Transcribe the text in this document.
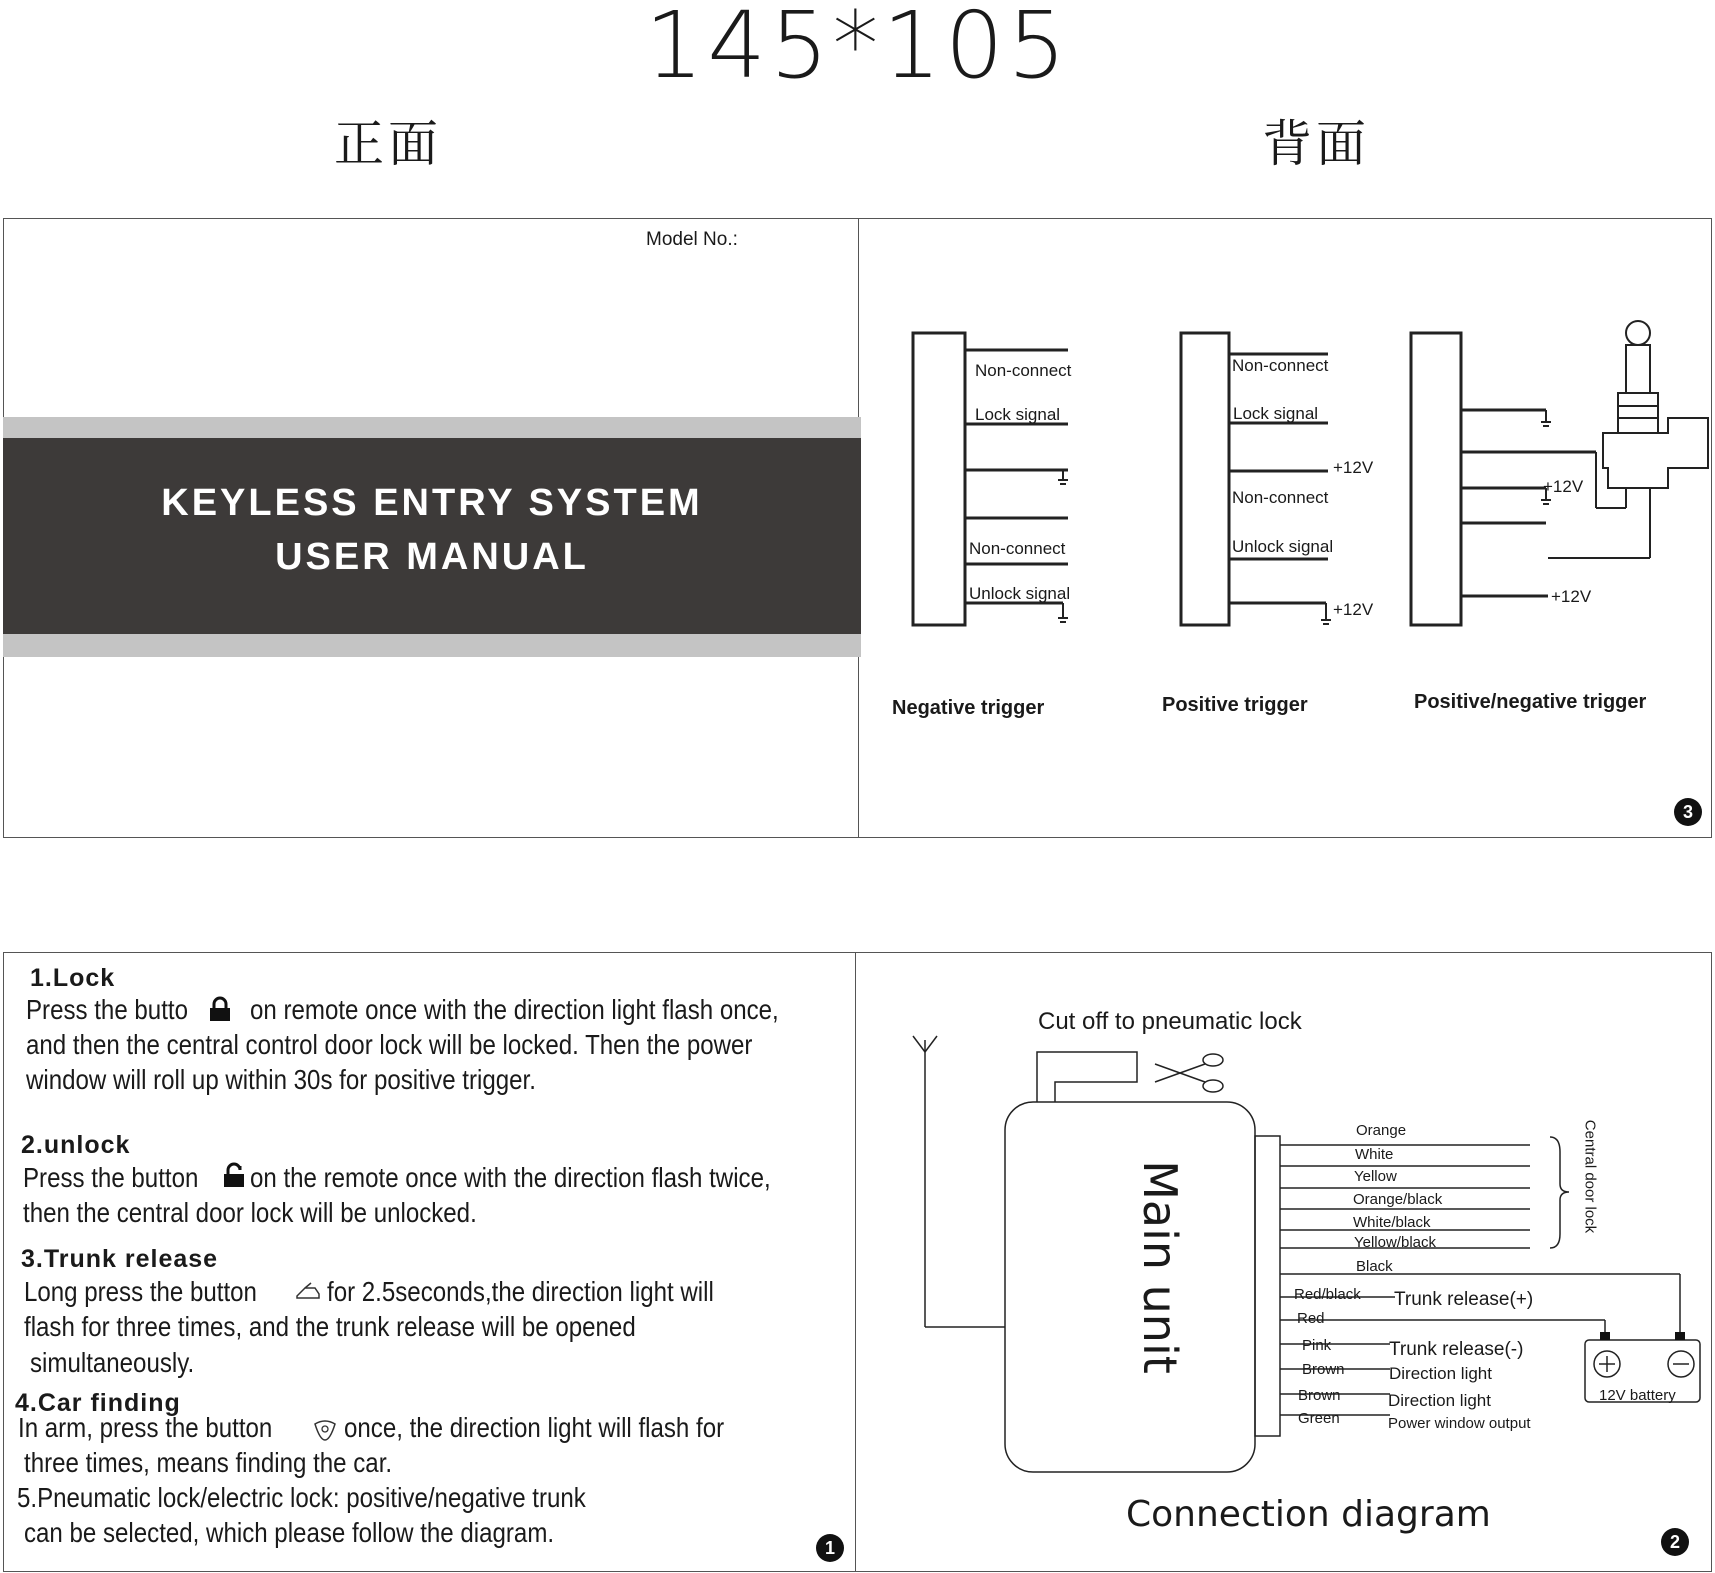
145*105
正面	背面
Model No.:
KEYLESS ENTRY SYSTEM
USER MANUAL
Non-connect
Lock signal
Non-connect
Unlock signal
Negative trigger
Non-connect
Lock signal
+12V
Non-connect
Unlock signal
+12V
Positive trigger
+12V
+12V
Positive/negative trigger
3
1.Lock
Press the butto on remote once with the direction light flash once,
and then the central control door lock will be locked. Then the power
window will roll up within 30s for positive trigger.
2.unlock
Press the button on the remote once with the direction flash twice,
then the central door lock will be unlocked.
3.Trunk release
Long press the button	for 2.5seconds,the direction light will
flash for three times, and the trunk release will be opened
simultaneously.
4.Car finding
In arm, press the button	once, the direction light will flash for
three times, means finding the car.
5.Pneumatic lock/electric lock: positive/negative trunk
can be selected, which please follow the diagram.	1
Cut off to pneumatic lock
Main unit
Connection diagram
Central door lock
12V battery
Orange
White
Yellow
Orange/black
White/black
Yellow/black
Black
Red/black
Red
Pink
Brown
Brown
Green
Trunk release(+)
Trunk release(-)
Direction light
Direction light
Power window output
2
